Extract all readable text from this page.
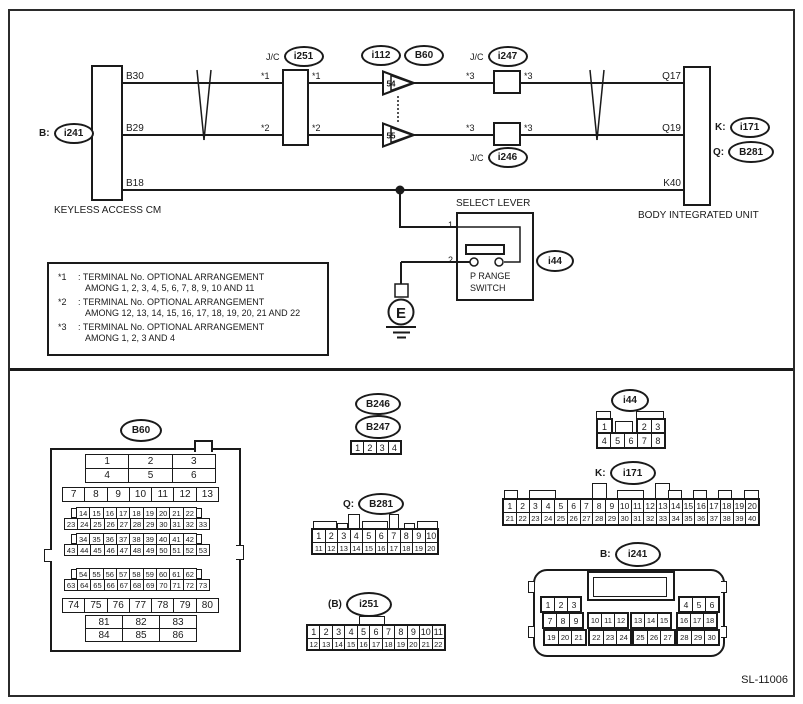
54
55
E
B:	i241
B30
B29
B18
KEYLESS ACCESS CM
J/C	i251
*1	*1
*2	*2
i112	B60	J/C	i247
J/C	i246
*3	*3
*3	*3
Q17
Q19
K40
BODY INTEGRATED UNIT
K:	i171
Q:	B281
SELECT LEVER
1
2
P RANGE
SWITCH
i44
*1	: TERMINAL No. OPTIONAL ARRANGEMENT
AMONG 1, 2, 3, 4, 5, 6, 7, 8, 9, 10 AND 11
*2	: TERMINAL No. OPTIONAL ARRANGEMENT
AMONG 12, 13, 14, 15, 16, 17, 18, 19, 20, 21 AND 22
*3	: TERMINAL No. OPTIONAL ARRANGEMENT
AMONG 1, 2, 3 AND 4
B60
1	2	3
4	5	6
7	8	9	10	11	12	13
14 15 16 17 18 19 20 21 22
23 24 25 26 27 28 29 30 31 32 33
34 35 36 37 38 39 40 41 42
43 44 45 46 47 48 49 50 51 52 53
54 55 56 57 58 59 60 61 62
63 64 65 66 67 68 69 70 71 72 73
74	75	76	77	78	79	80
81	82	83
84	85	86
B246
B247
1 2 3 4
Q:	B281
1 2 3 4 5 6 7 8 9 10
11 12 13 14 15 16 17 18 19 20
(B)	i251
1 2 3 4 5 6 7 8 9 10 11
12 13 14 15 16 17 18 19 20 21 22
i44
1	2 3
4 5 6 7 8
K:	i171
1 2 3 4 5 6 7 8 9 10 11 12 13 14 15 16 17 18 19 20
21 22 23 24 25 26 27 28 29 30 31 32 33 34 35 36 37 38 39 40
B:	i241
1 2 3	4 5 6
7 8 9	10 11 12	13 14 15	16 17 18
19 20 21	22 23 24	25 26 27	28 29 30
SL-11006
